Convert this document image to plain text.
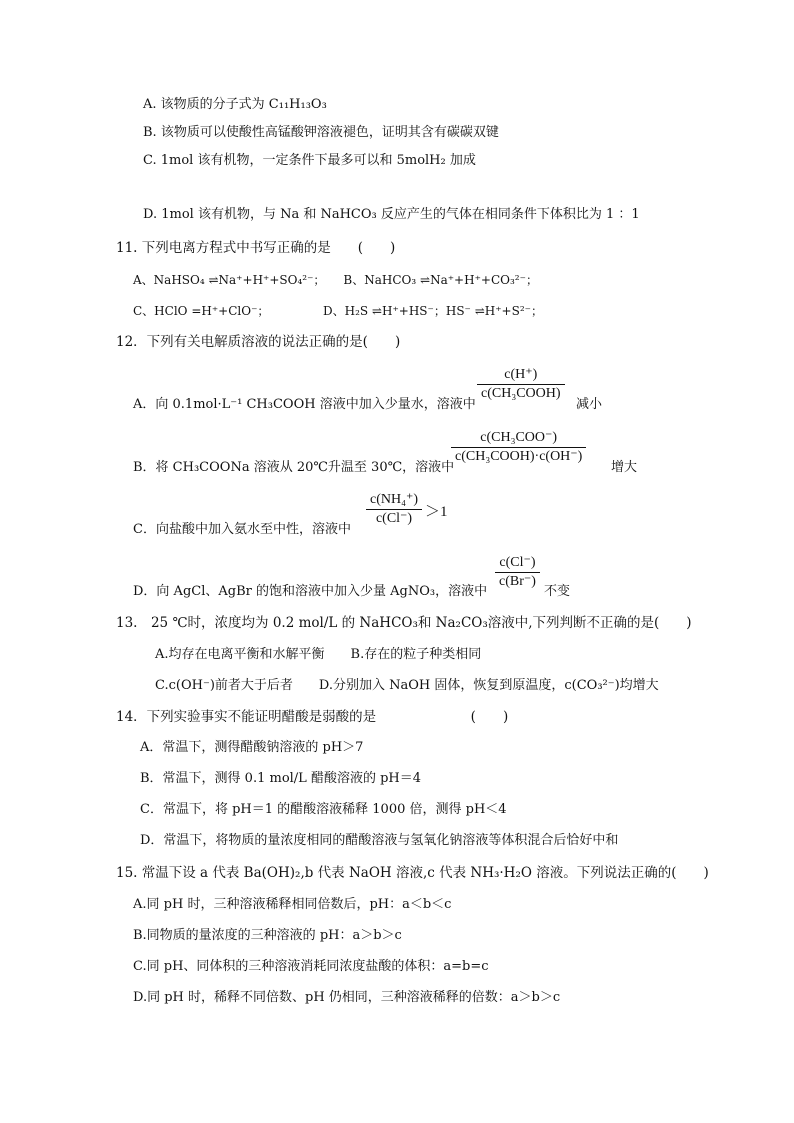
A. 该物质的分子式为 C₁₁H₁₃O₃
B. 该物质可以使酸性高锰酸钾溶液褪色，证明其含有碳碳双键
C. 1mol 该有机物，一定条件下最多可以和 5molH₂ 加成
D. 1mol 该有机物，与 Na 和 NaHCO₃ 反应产生的气体在相同条件下体积比为 1 ：1
11. 下列电离方程式中书写正确的是　　(　　)
A、NaHSO₄ ⇌Na⁺+H⁺+SO₄²⁻；　　B、NaHCO₃ ⇌Na⁺+H⁺+CO₃²⁻；
C、HClO =H⁺+ClO⁻；	D、H₂S ⇌H⁺+HS⁻；HS⁻ ⇌H⁺+S²⁻；
12．下列有关电解质溶液的说法正确的是(　　)
A．向 0.1mol·L⁻¹ CH₃COOH 溶液中加入少量水，溶液中
c(H⁺)
c(CH₃COOH)
减小
B．将 CH₃COONa 溶液从 20℃升温至 30℃，溶液中
c(CH₃COO⁻)
c(CH₃COOH)·c(OH⁻)
增大
C．向盐酸中加入氨水至中性，溶液中
$\frac{\text{c(NH₄⁺)}}{c(Cl^-)} >1$
D．向 AgCl、AgBr 的饱和溶液中加入少量 AgNO₃，溶液中
$\frac{c(Cl^-)}{c(Br^-)}$
不变
13.　25 ℃时，浓度均为 0.2 mol/L 的 NaHCO₃和 Na₂CO₃溶液中,下列判断不正确的是(　　)
A.均存在电离平衡和水解平衡　　B.存在的粒子种类相同
C.c(OH⁻)前者大于后者　　D.分别加入 NaOH 固体，恢复到原温度，c(CO₃²⁻)均增大
14．下列实验事实不能证明醋酸是弱酸的是　　　　　　　(　　)
A．常温下，测得醋酸钠溶液的 pH＞7
B．常温下，测得 0.1 mol/L 醋酸溶液的 pH＝4
C．常温下，将 pH＝1 的醋酸溶液稀释 1000 倍，测得 pH＜4
D．常温下，将物质的量浓度相同的醋酸溶液与氢氧化钠溶液等体积混合后恰好中和
15. 常温下设 a 代表 Ba(OH)₂,b 代表 NaOH 溶液,c 代表 NH₃·H₂O 溶液。下列说法正确的(　　)
A.同 pH 时，三种溶液稀释相同倍数后，pH：a＜b＜c
B.同物质的量浓度的三种溶液的 pH：a＞b＞c
C.同 pH、同体积的三种溶液消耗同浓度盐酸的体积：a=b=c
D.同 pH 时，稀释不同倍数、pH 仍相同，三种溶液稀释的倍数：a＞b＞c
